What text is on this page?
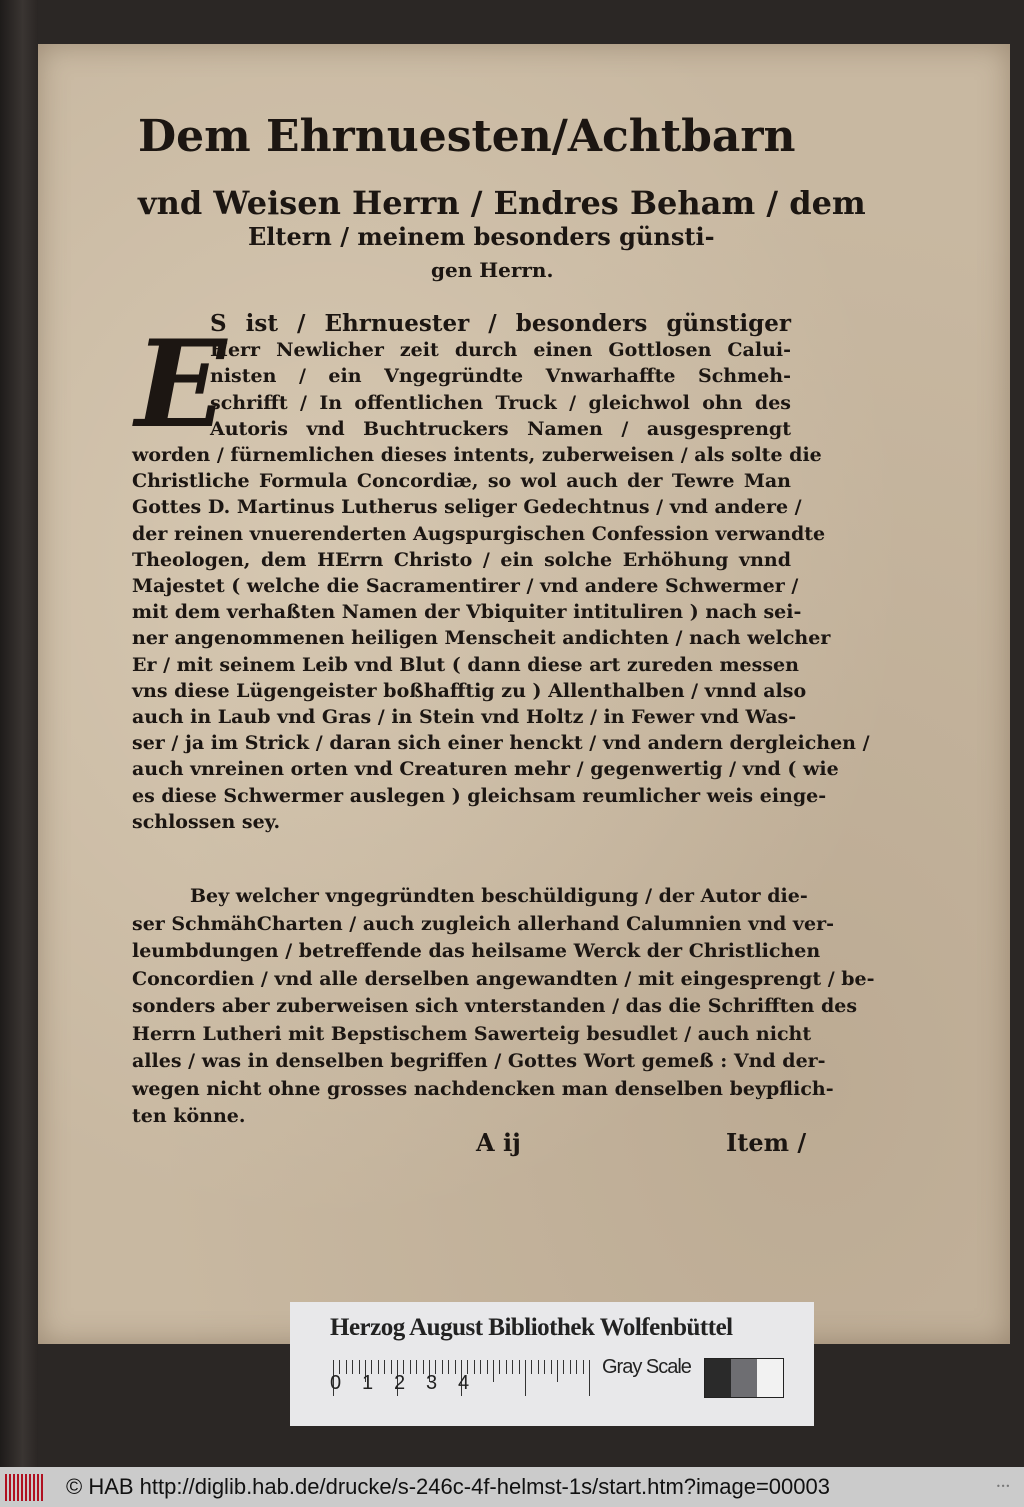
Dem Ehrnuesten/Achtbarn
vnd Weisen Herrn / Endres Beham / dem
Eltern / meinem besonders günsti-
gen Herrn.
E
S ist / Ehrnuester / besonders günstiger
Herr Newlicher zeit durch einen Gottlosen Calui-
nisten / ein Vngegründte Vnwarhaffte Schmeh-
schrifft / In offentlichen Truck / gleichwol ohn des
Autoris vnd Buchtruckers Namen / ausgesprengt
worden / fürnemlichen dieses intents, zuberweisen / als solte die
Christliche Formula Concordiæ, so wol auch der Tewre Man
Gottes D. Martinus Lutherus seliger Gedechtnus / vnd andere /
der reinen vnuerenderten Augspurgischen Confession verwandte
Theologen, dem HErrn Christo / ein solche Erhöhung vnnd
Majestet ( welche die Sacramentirer / vnd andere Schwermer /
mit dem verhaßten Namen der Vbiquiter intituliren ) nach sei-
ner angenommenen heiligen Menscheit andichten / nach welcher
Er / mit seinem Leib vnd Blut ( dann diese art zureden messen
vns diese Lügengeister boßhafftig zu ) Allenthalben / vnnd also
auch in Laub vnd Gras / in Stein vnd Holtz / in Fewer vnd Was-
ser / ja im Strick / daran sich einer henckt / vnd andern dergleichen /
auch vnreinen orten vnd Creaturen mehr / gegenwertig / vnd ( wie
es diese Schwermer auslegen ) gleichsam reumlicher weis einge-
schlossen sey.
Bey welcher vngegründten beschüldigung / der Autor die-
ser SchmähCharten / auch zugleich allerhand Calumnien vnd ver-
leumbdungen / betreffende das heilsame Werck der Christlichen
Concordien / vnd alle derselben angewandten / mit eingesprengt / be-
sonders aber zuberweisen sich vnterstanden / das die Schrifften des
Herrn Lutheri mit Bepstischem Sawerteig besudlet / auch nicht
alles / was in denselben begriffen / Gottes Wort gemeß : Vnd der-
wegen nicht ohne grosses nachdencken man denselben beypflich-
ten könne.
A ij	Item /
Herzog August Bibliothek Wolfenbüttel
0 1 2 3 4
Gray Scale
© HAB http://diglib.hab.de/drucke/s-246c-4f-helmst-1s/start.htm?image=00003	•••
